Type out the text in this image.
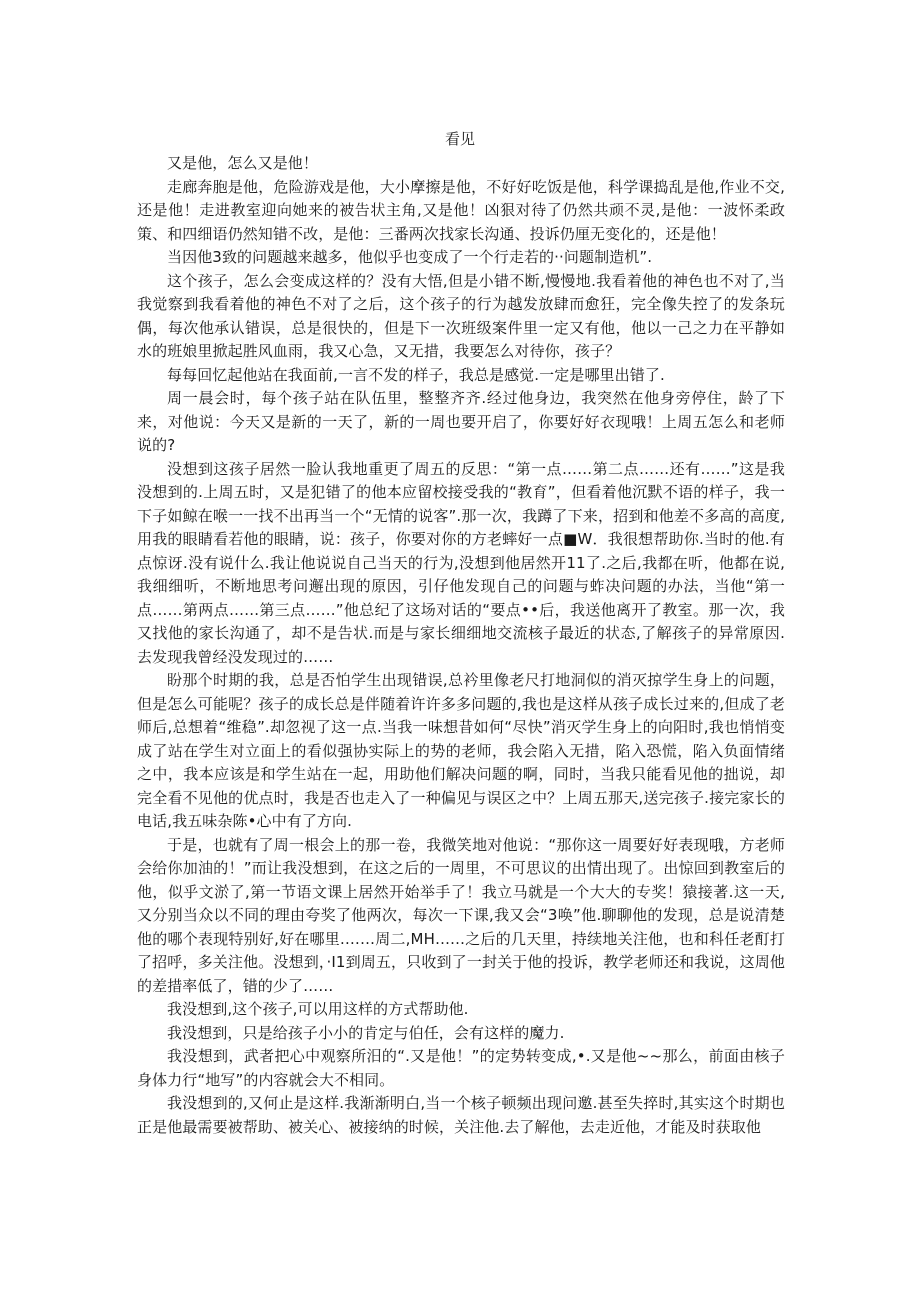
看见

又是他，怎么又是他！

走廊奔胞是他，危险游戏是他，大小摩擦是他，不好好吃饭是他，科学课捣乱是他,作业不交,还是他！走进教室迎向她来的被告状主角,又是他！凶狠对待了仍然共顽不灵,是他：一波怀柔政策、和四细语仍然知错不改，是他：三番两次找家长沟通、投诉仍厘无变化的，还是他！

当因他3致的问题越来越多，他似乎也变成了一个行走若的··问题制造机”.

这个孩子，怎么会变成这样的？没有大悟,但是小错不断,慢慢地.我看着他的神色也不对了,当我觉察到我看着他的神色不对了之后，这个孩子的行为越发放肆而愈狂，完全像失控了的发条玩偶，每次他承认错误，总是很快的，但是下一次班级案件里一定又有他，他以一己之力在平静如水的班娘里掀起胜风血雨，我又心急，又无措，我要怎么对待你，孩子？

每每回忆起他站在我面前,一言不发的样子，我总是感觉.一定是哪里出错了.

周一晨会时，每个孩子站在队伍里，整整齐齐.经过他身边，我突然在他身旁停住，龄了下来，对他说：今天又是新的一天了，新的一周也要开启了，你要好好衣现哦！上周五怎么和老师说的?

没想到这孩子居然一脸认我地重更了周五的反思：“第一点……第二点……还有……”这是我没想到的.上周五时，又是犯错了的他本应留校接受我的“教育”，但看着他沉默不语的样子，我一下子如鲸在喉一一找不出再当一个“无情的说客”.那一次，我蹲了下来，招到和他差不多高的高度,用我的眼睛看若他的眼睛，说：孩子，你要对你的方老蟀好一点■W．我很想帮助你.当时的他.有点惊讶.没有说什么.我让他说说自己当天的行为,没想到他居然开11了.之后,我都在听，他都在说,我细细听，不断地思考问邂出现的原因，引仔他发现自己的问题与蚱决问题的办法，当他“第一点……第两点……第三点……”他总纪了这场对话的“要点••后，我送他离开了教室。那一次，我又找他的家长沟通了，却不是告状.而是与家长细细地交流核子最近的状态,了解孩子的异常原因.去发现我曾经没发现过的……

盼那个时期的我，总是否怕学生出现错误,总衿里像老尺打地洞似的消灭掠学生身上的问题，但是怎么可能呢？孩子的成长总是伴随着许许多多问题的,我也是这样从孩子成长过来的,但成了老师后,总想着“维稳”.却忽视了这一点.当我一味想昔如何“尽快”消灭学生身上的向阳时,我也悄悄变成了站在学生对立面上的看似强协实际上的势的老师，我会陷入无措，陷入恐慌，陷入负面情绪之中，我本应该是和学生站在一起，用助他们解决问题的啊，同时，当我只能看见他的拙说，却完全看不见他的优点时，我是否也走入了一种偏见与误区之中？上周五那天,送完孩子.接完家长的电话,我五味杂陈•心中有了方向.

于是，也就有了周一根会上的那一卷，我微笑地对他说：“那你这一周要好好表现哦，方老师会给你加油的！”而让我没想到，在这之后的一周里，不可思议的出情出现了。出惊回到教室后的他，似乎文淤了,第一节语文课上居然开始举手了！我立马就是一个大大的专奖！猿接著.这一天,又分别当众以不同的理由夸奖了他两次，每次一下课,我又会“3唤”他.聊聊他的发现，总是说清楚他的哪个表现特别好,好在哪里.……周二,MH……之后的几天里，持续地关注他，也和科任老酊打了招呼，多关注他。没想到，·I1到周五，只收到了一封关于他的投诉，教学老师还和我说，这周他的差措率低了，错的少了……

我没想到,这个孩子,可以用这样的方式帮助他.

我没想到，只是给孩子小小的肯定与伯任，会有这样的魔力.

我没想到，武者把心中观察所汨的“.又是他！”的定势转变成,•.又是他~~那么，前面由核子身体力行“地写”的内容就会大不相同。

我没想到的,又何止是这样.我渐渐明白,当一个核子顿频出现问邀.甚至失捽时,其实这个时期也正是他最需要被帮助、被关心、被接纳的时候，关注他.去了解他，去走近他，才能及时获取他
